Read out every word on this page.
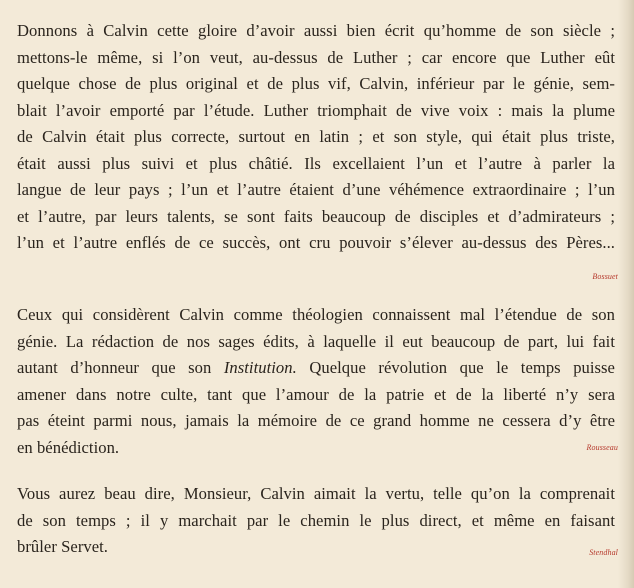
Donnons à Calvin cette gloire d’avoir aussi bien écrit qu’homme de son siècle ;
mettons-le même, si l’on veut, au-dessus de Luther ; car encore que Luther eût
quelque chose de plus original et de plus vif, Calvin, inférieur par le génie, sem-
blait l’avoir emporté par l’étude. Luther triomphait de vive voix : mais la plume
de Calvin était plus correcte, surtout en latin ; et son style, qui était plus triste,
était aussi plus suivi et plus châtié. Ils excellaient l’un et l’autre à parler la
langue de leur pays ; l’un et l’autre étaient d’une véhémence extraordinaire ; l’un
et l’autre, par leurs talents, se sont faits beaucoup de disciples et d’admirateurs ;
l’un et l’autre enflés de ce succès, ont cru pouvoir s’élever au-dessus des Pères...
Bossuet
Ceux qui considèrent Calvin comme théologien connaissent mal l’étendue de son
génie. La rédaction de nos sages édits, à laquelle il eut beaucoup de part, lui fait
autant d’honneur que son Institution. Quelque révolution que le temps puisse
amener dans notre culte, tant que l’amour de la patrie et de la liberté n’y sera
pas éteint parmi nous, jamais la mémoire de ce grand homme ne cessera d’y être
en bénédiction.	Rousseau
Vous aurez beau dire, Monsieur, Calvin aimait la vertu, telle qu’on la comprenait
de son temps ; il y marchait par le chemin le plus direct, et même en faisant
brûler Servet.	Stendhal
